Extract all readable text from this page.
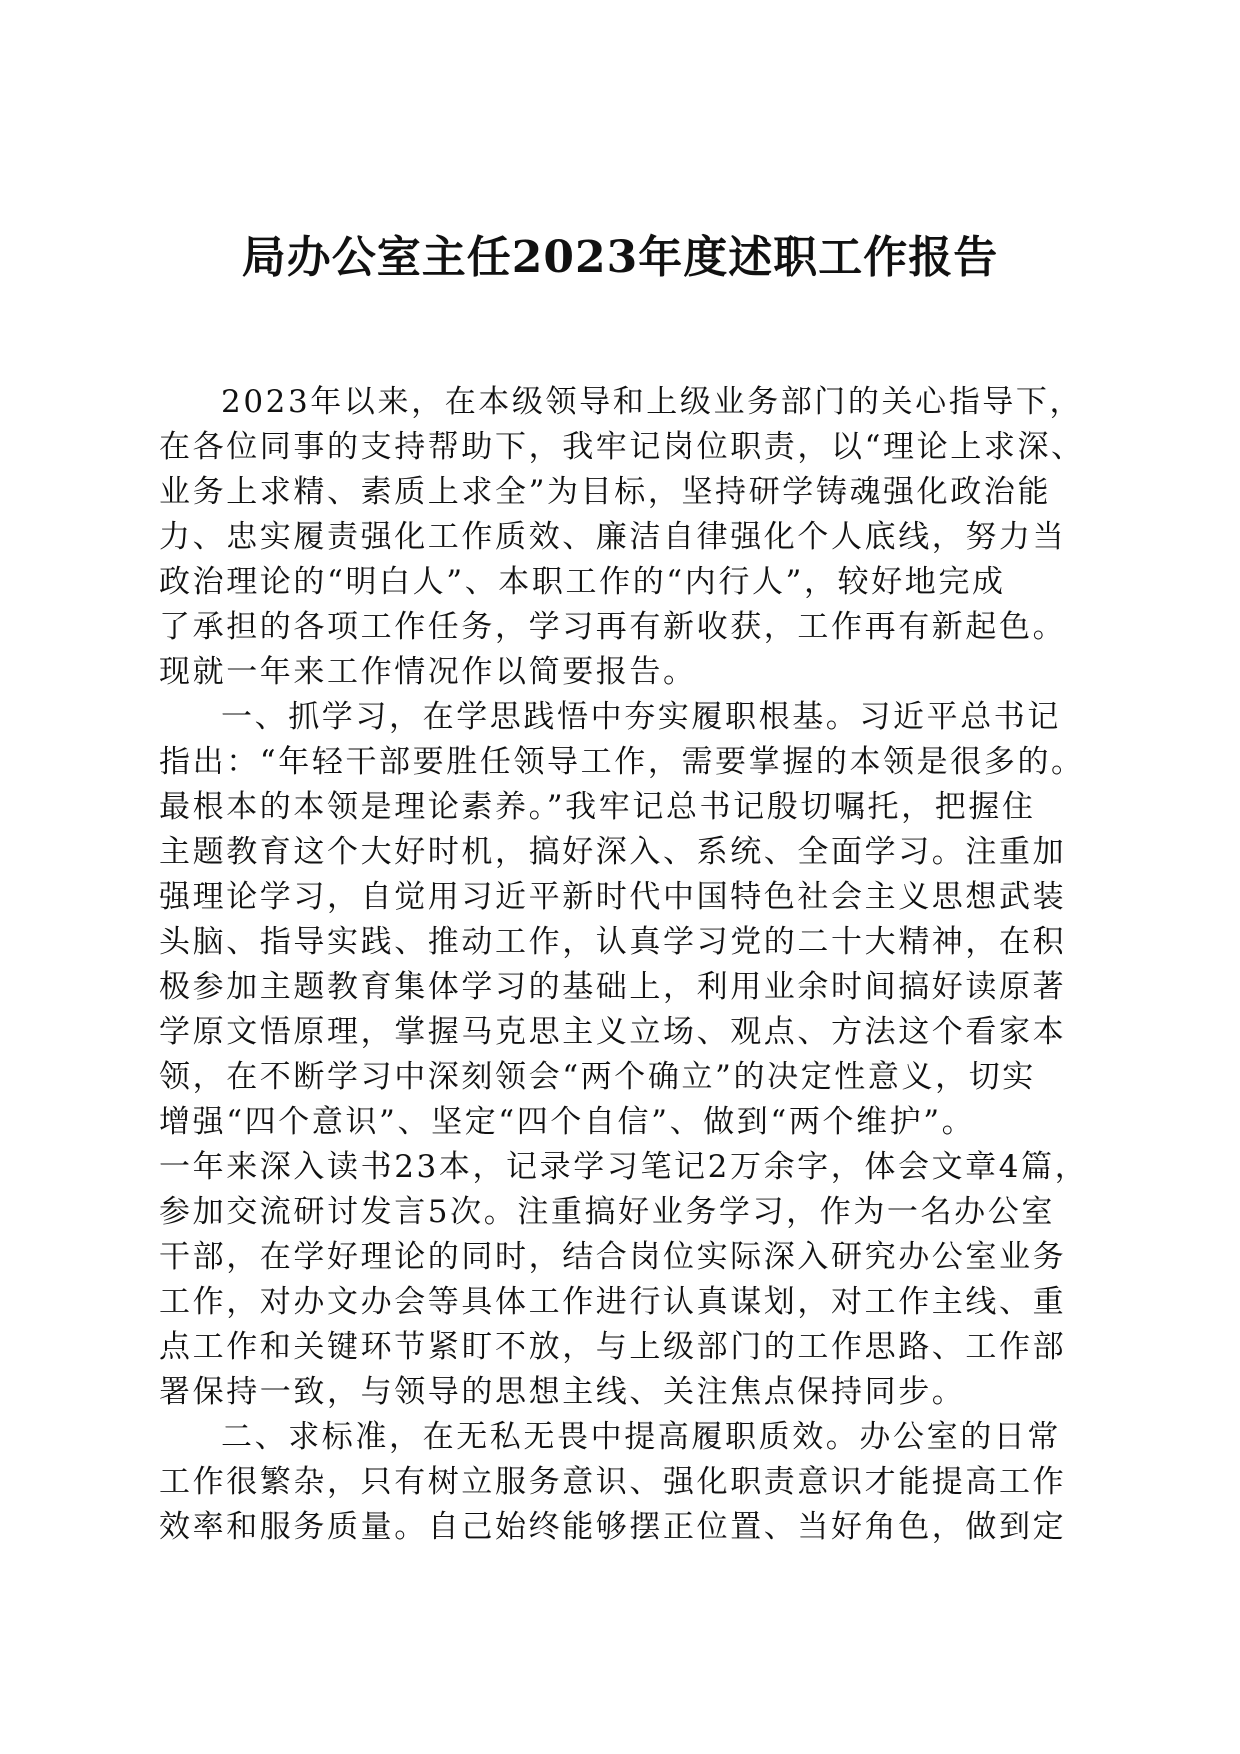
局办公室主任2023年度述职工作报告
2023年以来，在本级领导和上级业务部门的关心指导下，
在各位同事的支持帮助下，我牢记岗位职责，以“理论上求深、
业务上求精、素质上求全”为目标，坚持研学铸魂强化政治能
力、忠实履责强化工作质效、廉洁自律强化个人底线，努力当
政治理论的“明白人”、本职工作的“内行人”，较好地完成
了承担的各项工作任务，学习再有新收获，工作再有新起色。
现就一年来工作情况作以简要报告。
一、抓学习，在学思践悟中夯实履职根基。习近平总书记
指出：“年轻干部要胜任领导工作，需要掌握的本领是很多的。
最根本的本领是理论素养。”我牢记总书记殷切嘱托，把握住
主题教育这个大好时机，搞好深入、系统、全面学习。注重加
强理论学习，自觉用习近平新时代中国特色社会主义思想武装
头脑、指导实践、推动工作，认真学习党的二十大精神，在积
极参加主题教育集体学习的基础上，利用业余时间搞好读原著
学原文悟原理，掌握马克思主义立场、观点、方法这个看家本
领，在不断学习中深刻领会“两个确立”的决定性意义，切实
增强“四个意识”、坚定“四个自信”、做到“两个维护”。
一年来深入读书23本，记录学习笔记2万余字，体会文章4篇，
参加交流研讨发言5次。注重搞好业务学习，作为一名办公室
干部，在学好理论的同时，结合岗位实际深入研究办公室业务
工作，对办文办会等具体工作进行认真谋划，对工作主线、重
点工作和关键环节紧盯不放，与上级部门的工作思路、工作部
署保持一致，与领导的思想主线、关注焦点保持同步。
二、求标准，在无私无畏中提高履职质效。办公室的日常
工作很繁杂，只有树立服务意识、强化职责意识才能提高工作
效率和服务质量。自己始终能够摆正位置、当好角色，做到定
